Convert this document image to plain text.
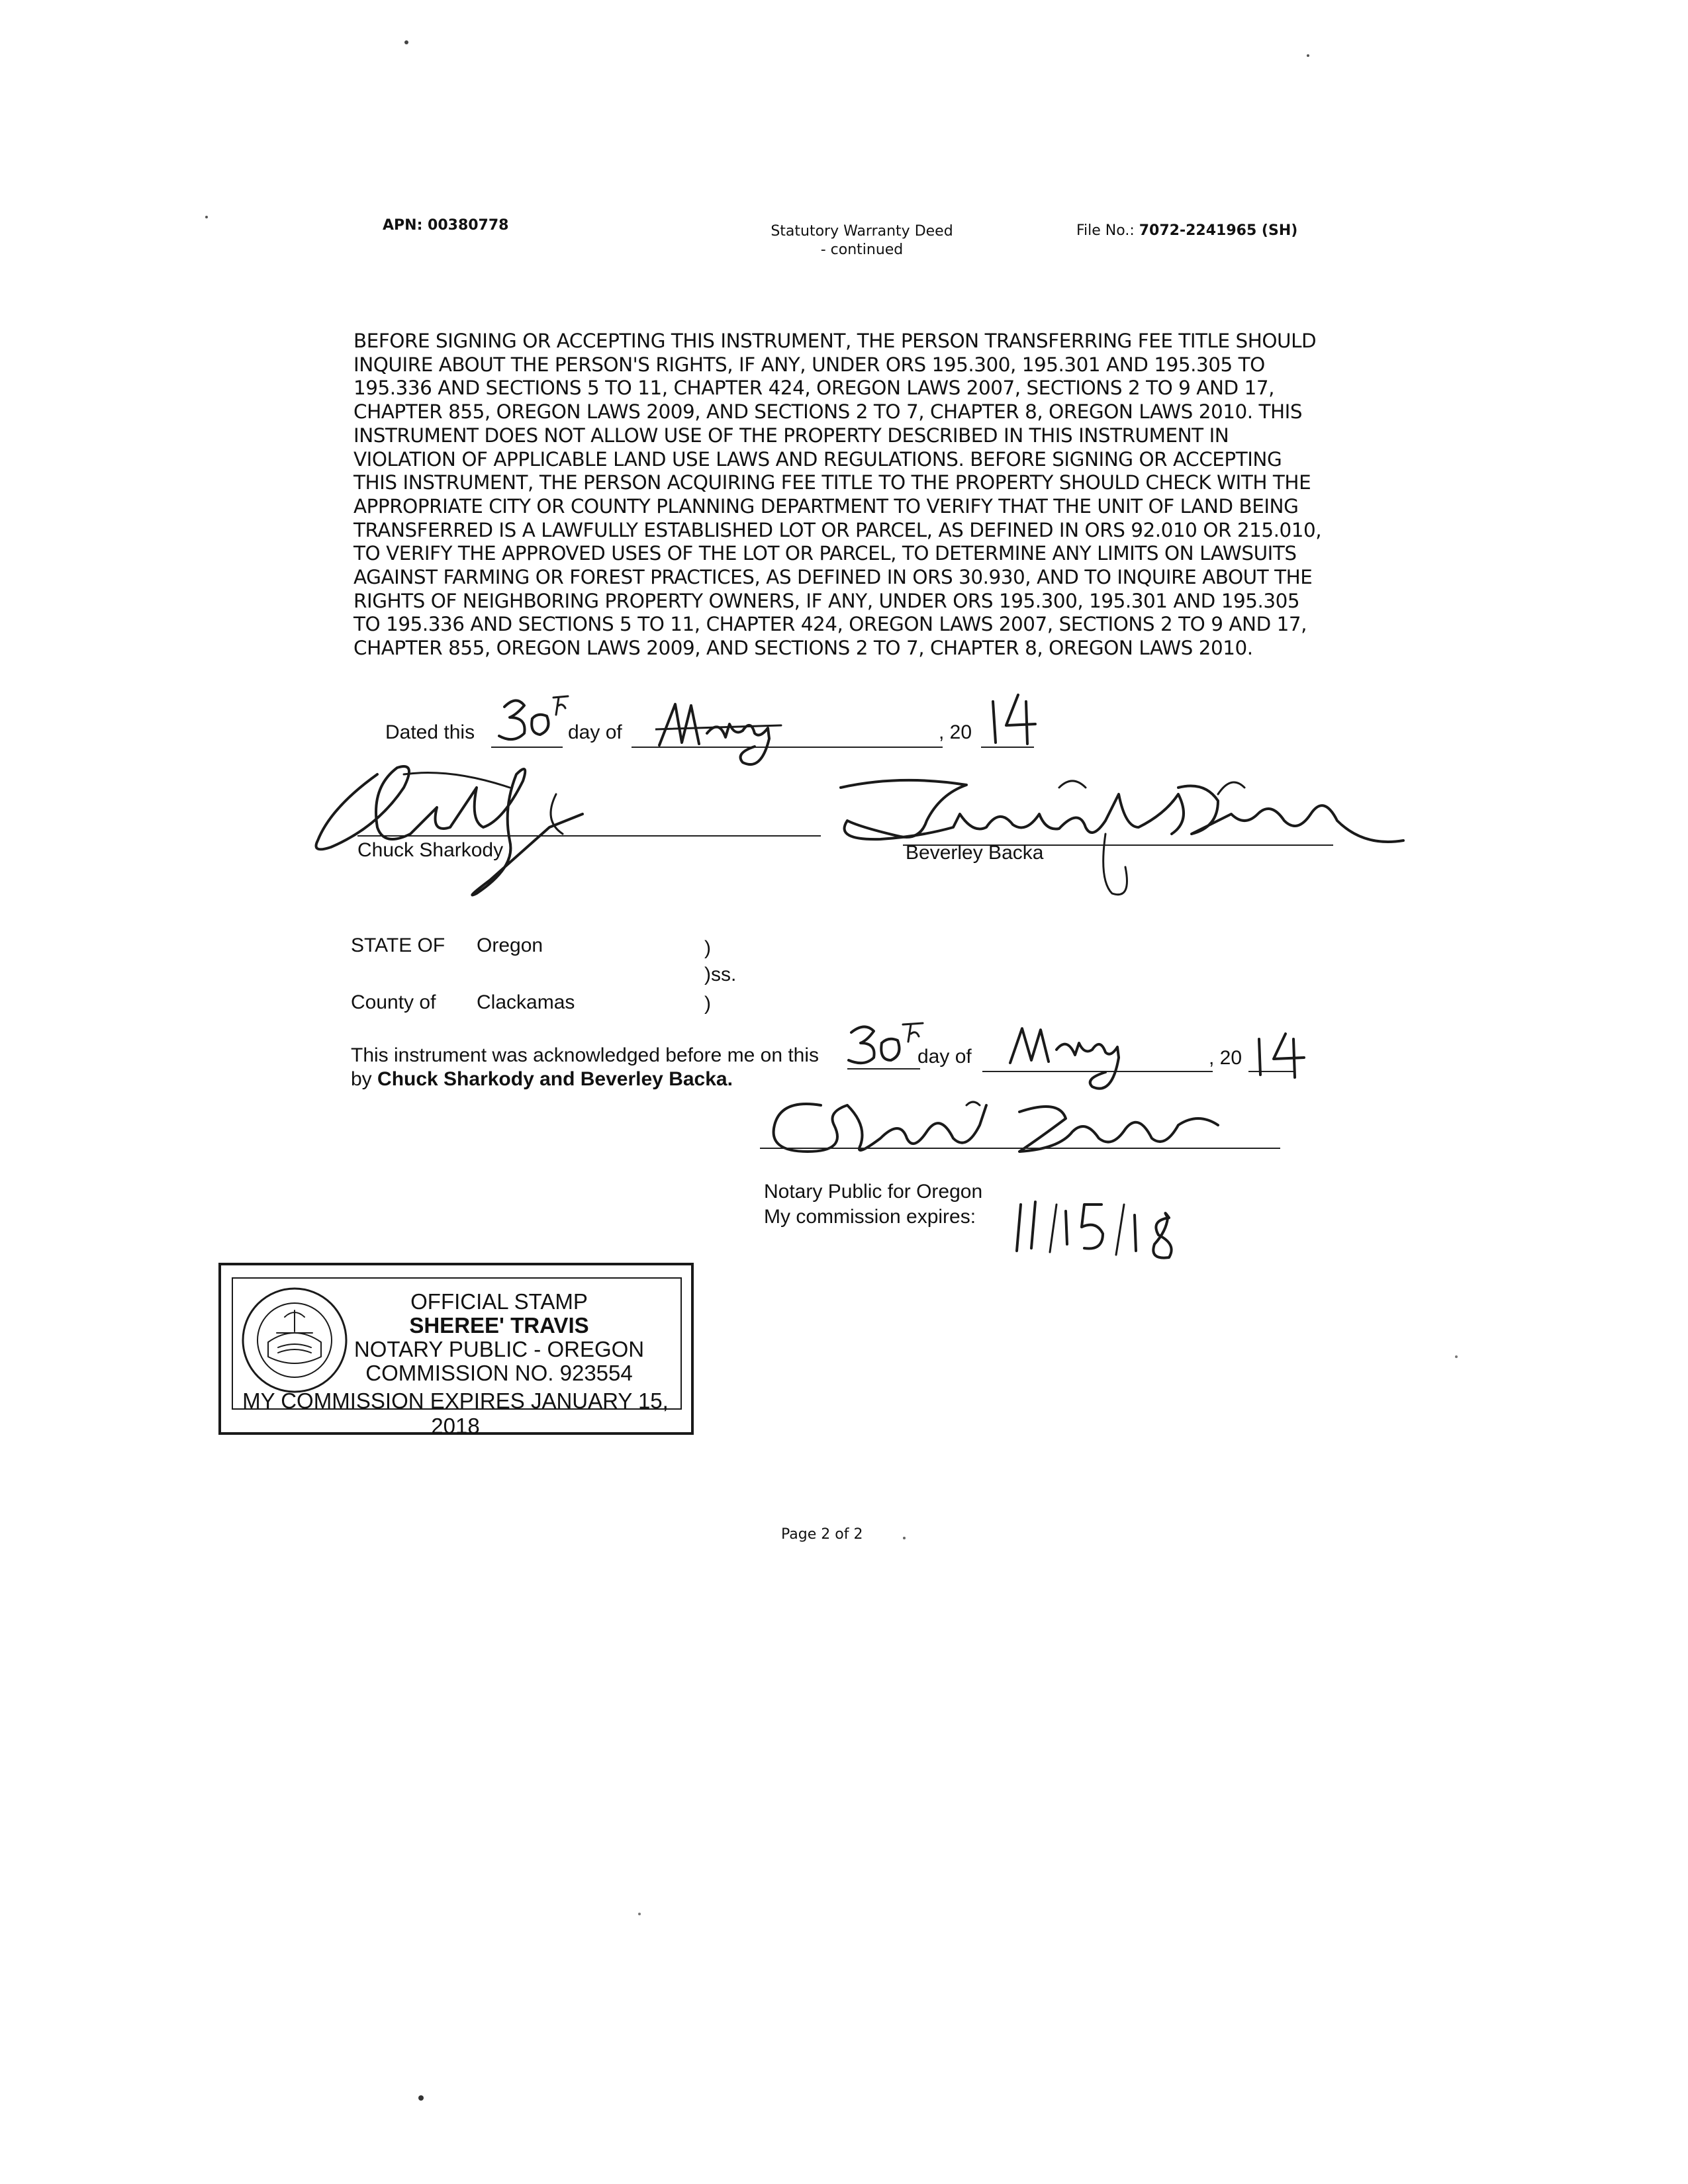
APN: 00380778	Statutory Warranty Deed
- continued
File No.: 7072-2241965 (SH)
BEFORE SIGNING OR ACCEPTING THIS INSTRUMENT, THE PERSON TRANSFERRING FEE TITLE SHOULD
INQUIRE ABOUT THE PERSON'S RIGHTS, IF ANY, UNDER ORS 195.300, 195.301 AND 195.305 TO
195.336 AND SECTIONS 5 TO 11, CHAPTER 424, OREGON LAWS 2007, SECTIONS 2 TO 9 AND 17,
CHAPTER 855, OREGON LAWS 2009, AND SECTIONS 2 TO 7, CHAPTER 8, OREGON LAWS 2010. THIS
INSTRUMENT DOES NOT ALLOW USE OF THE PROPERTY DESCRIBED IN THIS INSTRUMENT IN
VIOLATION OF APPLICABLE LAND USE LAWS AND REGULATIONS. BEFORE SIGNING OR ACCEPTING
THIS INSTRUMENT, THE PERSON ACQUIRING FEE TITLE TO THE PROPERTY SHOULD CHECK WITH THE
APPROPRIATE CITY OR COUNTY PLANNING DEPARTMENT TO VERIFY THAT THE UNIT OF LAND BEING
TRANSFERRED IS A LAWFULLY ESTABLISHED LOT OR PARCEL, AS DEFINED IN ORS 92.010 OR 215.010,
TO VERIFY THE APPROVED USES OF THE LOT OR PARCEL, TO DETERMINE ANY LIMITS ON LAWSUITS
AGAINST FARMING OR FOREST PRACTICES, AS DEFINED IN ORS 30.930, AND TO INQUIRE ABOUT THE
RIGHTS OF NEIGHBORING PROPERTY OWNERS, IF ANY, UNDER ORS 195.300, 195.301 AND 195.305
TO 195.336 AND SECTIONS 5 TO 11, CHAPTER 424, OREGON LAWS 2007, SECTIONS 2 TO 9 AND 17,
CHAPTER 855, OREGON LAWS 2009, AND SECTIONS 2 TO 7, CHAPTER 8, OREGON LAWS 2010.
Dated this	day of	, 20
Chuck Sharkody	Beverley Backa
STATE OF Oregon	)
)ss.
County of Clackamas	)
This instrument was acknowledged before me on this	day of	, 20
by Chuck Sharkody and Beverley Backa.
Notary Public for Oregon
My commission expires:
OFFICIAL STAMP
SHEREE' TRAVIS
NOTARY PUBLIC - OREGON
COMMISSION NO. 923554
MY COMMISSION EXPIRES JANUARY 15, 2018
Page 2 of 2
